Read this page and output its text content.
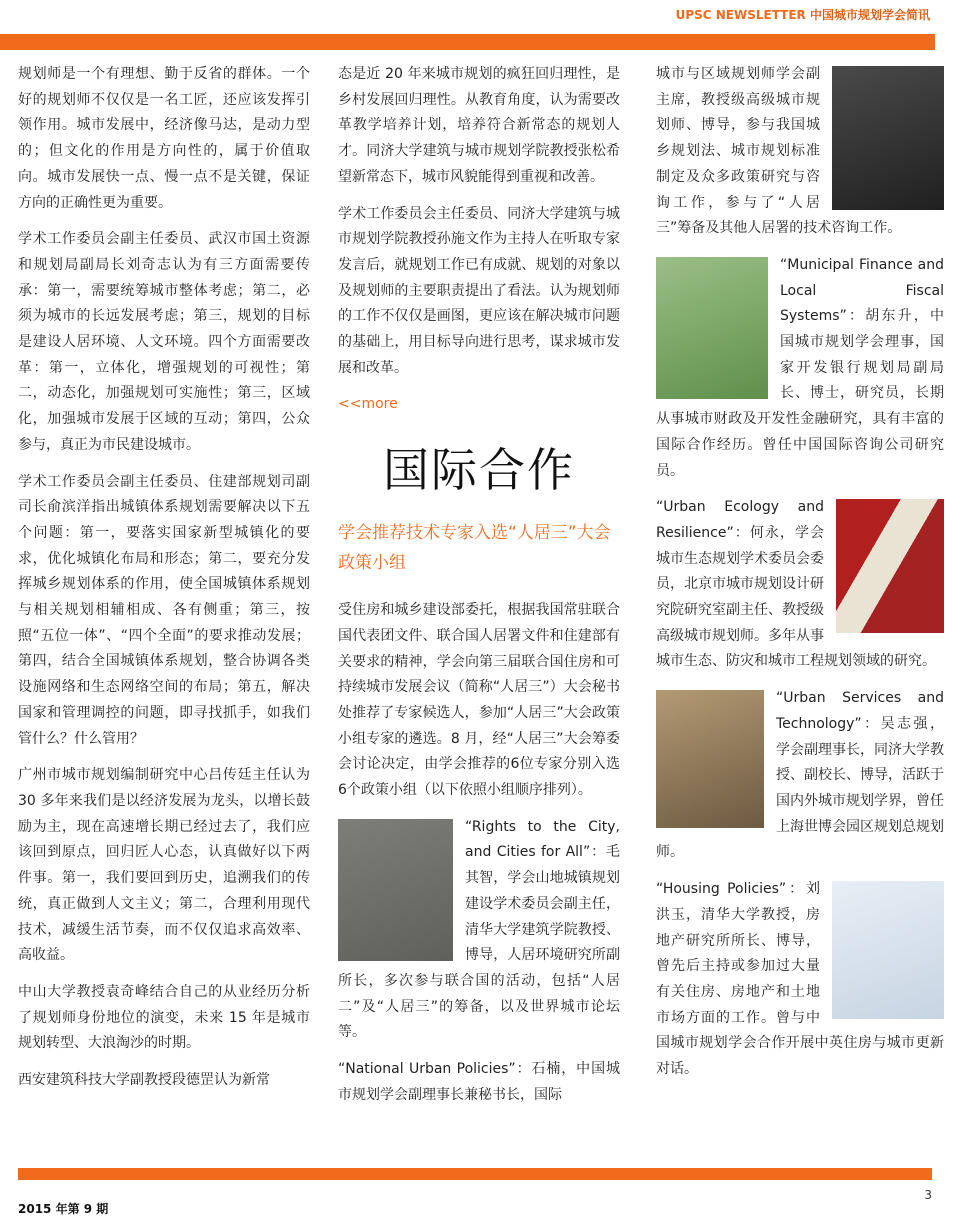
UPSC NEWSLETTER 中国城市规划学会简讯

规划师是一个有理想、勤于反省的群体。一个好的规划师不仅仅是一名工匠，还应该发挥引领作用。城市发展中，经济像马达，是动力型的；但文化的作用是方向性的，属于价值取向。城市发展快一点、慢一点不是关键，保证方向的正确性更为重要。

学术工作委员会副主任委员、武汉市国土资源和规划局副局长刘奇志认为有三方面需要传承：第一，需要统筹城市整体考虑；第二，必须为城市的长远发展考虑；第三，规划的目标是建设人居环境、人文环境。四个方面需要改革：第一，立体化，增强规划的可视性；第二，动态化，加强规划可实施性；第三，区域化，加强城市发展于区域的互动；第四，公众参与，真正为市民建设城市。

学术工作委员会副主任委员、住建部规划司副司长俞滨洋指出城镇体系规划需要解决以下五个问题：第一，要落实国家新型城镇化的要求，优化城镇化布局和形态；第二，要充分发挥城乡规划体系的作用，使全国城镇体系规划与相关规划相辅相成、各有侧重；第三，按照“五位一体”、“四个全面”的要求推动发展；第四，结合全国城镇体系规划，整合协调各类设施网络和生态网络空间的布局；第五，解决国家和管理调控的问题，即寻找抓手，如我们管什么？什么管用？

广州市城市规划编制研究中心吕传廷主任认为 30 多年来我们是以经济发展为龙头，以增长鼓励为主，现在高速增长期已经过去了，我们应该回到原点，回归匠人心态，认真做好以下两件事。第一，我们要回到历史，追溯我们的传统，真正做到人文主义；第二，合理利用现代技术，减缓生活节奏，而不仅仅追求高效率、高收益。

中山大学教授袁奇峰结合自己的从业经历分析了规划师身份地位的演变，未来 15 年是城市规划转型、大浪淘沙的时期。

西安建筑科技大学副教授段德罡认为新常

态是近 20 年来城市规划的疯狂回归理性，是乡村发展回归理性。从教育角度，认为需要改革教学培养计划，培养符合新常态的规划人才。同济大学建筑与城市规划学院教授张松希望新常态下，城市风貌能得到重视和改善。

学术工作委员会主任委员、同济大学建筑与城市规划学院教授孙施文作为主持人在听取专家发言后，就规划工作已有成就、规划的对象以及规划师的主要职责提出了看法。认为规划师的工作不仅仅是画图，更应该在解决城市问题的基础上，用目标导向进行思考，谋求城市发展和改革。

<<more
国际合作
学会推荐技术专家入选“人居三”大会政策小组

受住房和城乡建设部委托，根据我国常驻联合国代表团文件、联合国人居署文件和住建部有关要求的精神，学会向第三届联合国住房和可持续城市发展会议（简称“人居三”）大会秘书处推荐了专家候选人，参加“人居三”大会政策小组专家的遴选。8 月，经“人居三”大会筹委会讨论决定，由学会推荐的6位专家分别入选6个政策小组（以下依照小组顺序排列）。

“Rights to the City, and Cities for All”：毛其智，学会山地城镇规划建设学术委员会副主任，清华大学建筑学院教授、博导，人居环境研究所副所长，多次参与联合国的活动，包括“人居二”及“人居三”的筹备，以及世界城市论坛等。

“National Urban Policies”：石楠，中国城市规划学会副理事长兼秘书长，国际

城市与区域规划师学会副主席，教授级高级城市规划师、博导，参与我国城乡规划法、城市规划标准制定及众多政策研究与咨询工作，参与了“人居三”筹备及其他人居署的技术咨询工作。

“Municipal Finance and Local Fiscal Systems”：胡东升，中国城市规划学会理事，国家开发银行规划局副局长、博士，研究员，长期从事城市财政及开发性金融研究，具有丰富的国际合作经历。曾任中国国际咨询公司研究员。

“Urban Ecology and Resilience”：何永，学会城市生态规划学术委员会委员，北京市城市规划设计研究院研究室副主任、教授级高级城市规划师。多年从事城市生态、防灾和城市工程规划领域的研究。

“Urban Services and Technology”：吴志强，学会副理事长，同济大学教授、副校长、博导，活跃于国内外城市规划学界，曾任上海世博会园区规划总规划师。

“Housing Policies”：刘洪玉，清华大学教授，房地产研究所所长、博导，曾先后主持或参加过大量有关住房、房地产和土地市场方面的工作。曾与中国城市规划学会合作开展中英住房与城市更新对话。

2015 年第 9 期
3
